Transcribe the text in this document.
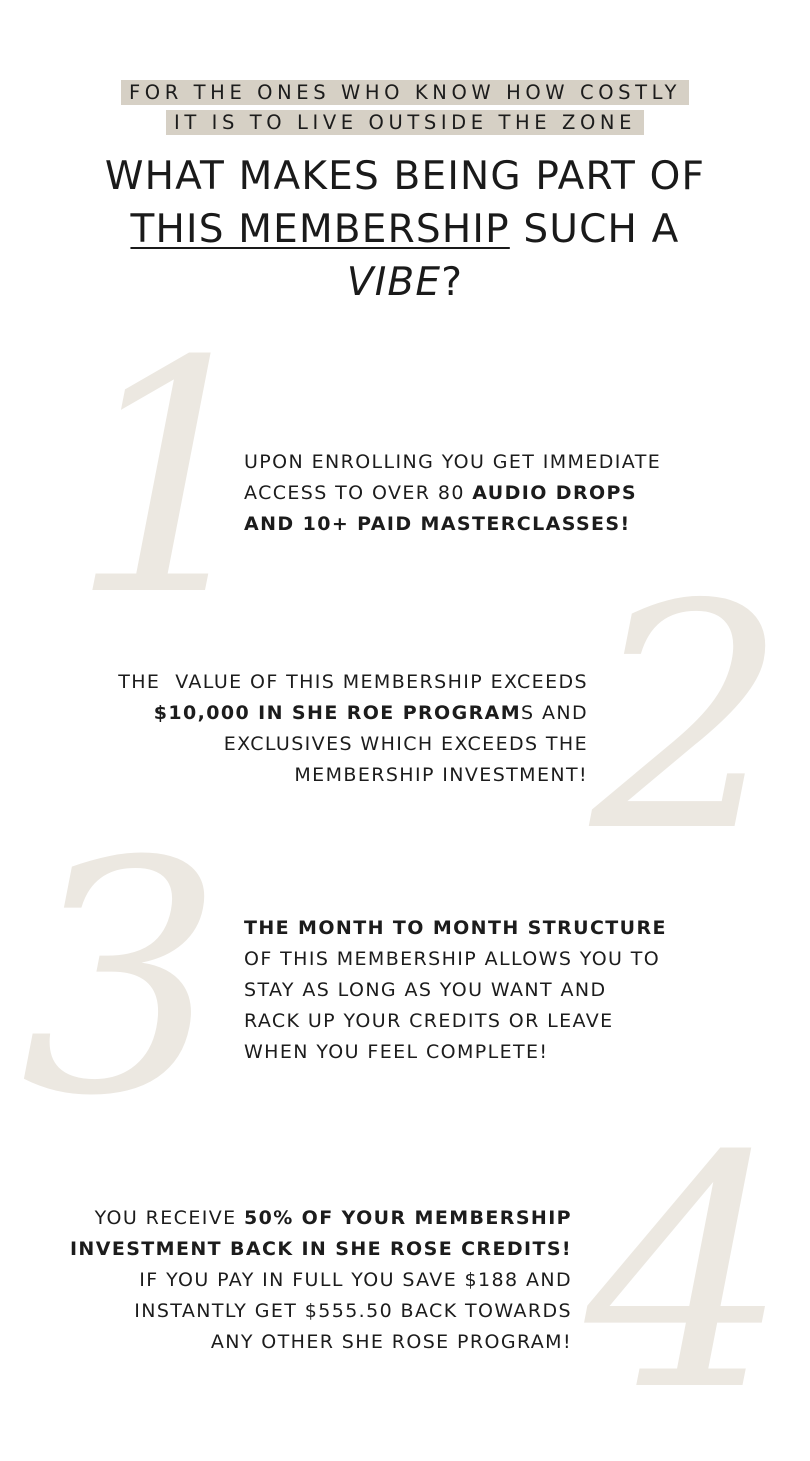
FOR THE ONES WHO KNOW HOW COSTLY
IT IS TO LIVE OUTSIDE THE ZONE
WHAT MAKES BEING PART OF
THIS MEMBERSHIP SUCH A
VIBE?
1
2
3
4

UPON ENROLLING YOU GET IMMEDIATE

ACCESS TO OVER 80 AUDIO DROPS

AND 10+ PAID MASTERCLASSES!

THE  VALUE OF THIS MEMBERSHIP EXCEEDS

$10,000 IN SHE ROE PROGRAMS AND

EXCLUSIVES WHICH EXCEEDS THE

MEMBERSHIP INVESTMENT!

THE MONTH TO MONTH STRUCTURE

OF THIS MEMBERSHIP ALLOWS YOU TO

STAY AS LONG AS YOU WANT AND

RACK UP YOUR CREDITS OR LEAVE

WHEN YOU FEEL COMPLETE!

YOU RECEIVE 50% OF YOUR MEMBERSHIP

INVESTMENT BACK IN SHE ROSE CREDITS!

IF YOU PAY IN FULL YOU SAVE $188 AND

INSTANTLY GET $555.50 BACK TOWARDS

ANY OTHER SHE ROSE PROGRAM!
